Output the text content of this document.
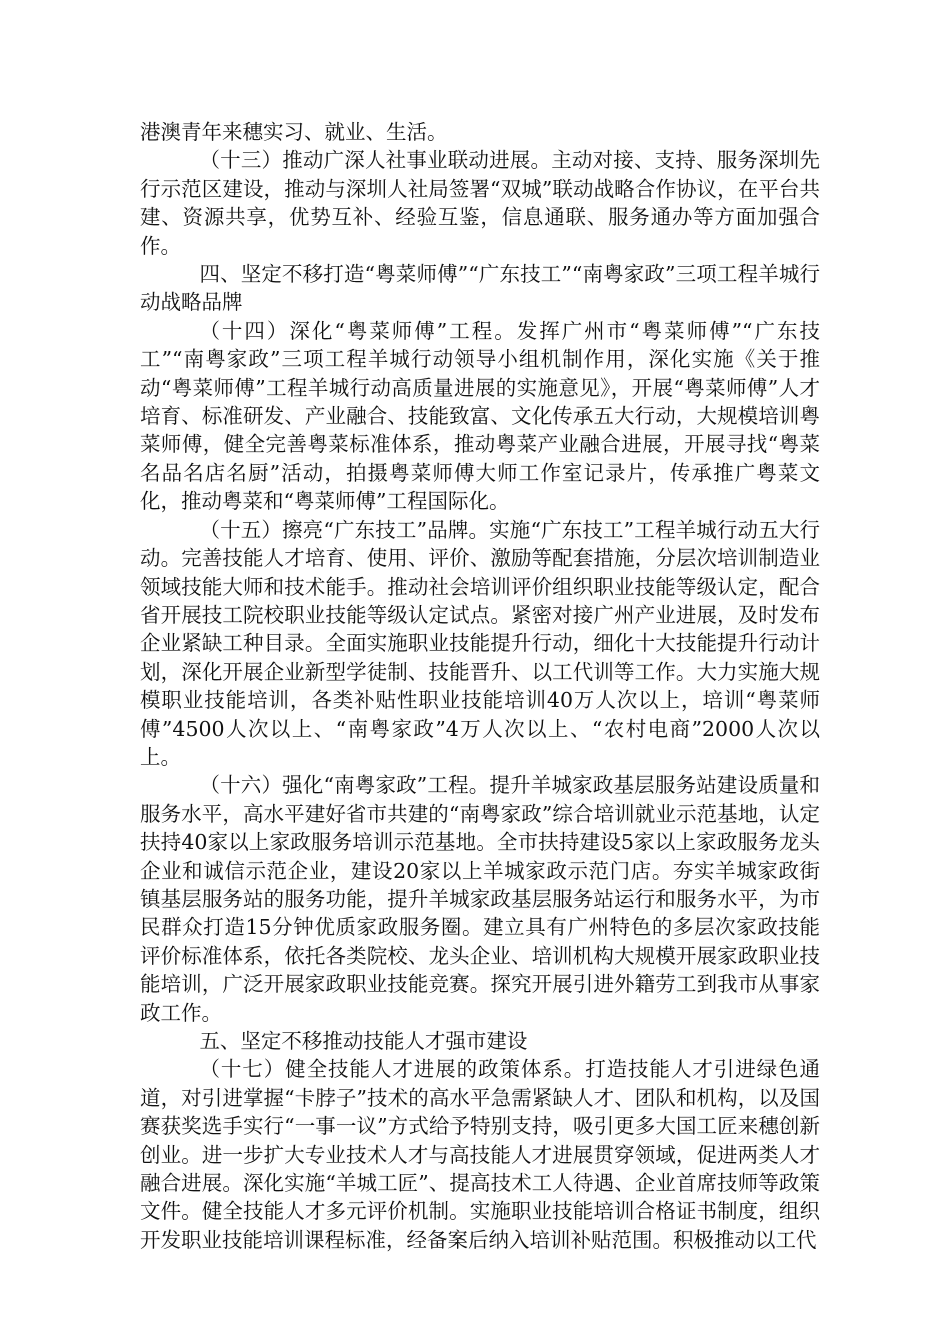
港澳青年来穗实习、就业、生活。

（十三）推动广深人社事业联动进展。主动对接、支持、服务深圳先行示范区建设，推动与深圳人社局签署“双城”联动战略合作协议，在平台共建、资源共享，优势互补、经验互鉴，信息通联、服务通办等方面加强合作。

四、坚定不移打造“粤菜师傅”“广东技工”“南粤家政”三项工程羊城行动战略品牌

（十四）深化“粤菜师傅”工程。发挥广州市“粤菜师傅”“广东技工”“南粤家政”三项工程羊城行动领导小组机制作用，深化实施《关于推动“粤菜师傅”工程羊城行动高质量进展的实施意见》，开展“粤菜师傅”人才培育、标准研发、产业融合、技能致富、文化传承五大行动，大规模培训粤菜师傅，健全完善粤菜标准体系，推动粤菜产业融合进展，开展寻找“粤菜名品名店名厨”活动，拍摄粤菜师傅大师工作室记录片，传承推广粤菜文化，推动粤菜和“粤菜师傅”工程国际化。

（十五）擦亮“广东技工”品牌。实施“广东技工”工程羊城行动五大行动。完善技能人才培育、使用、评价、激励等配套措施，分层次培训制造业领域技能大师和技术能手。推动社会培训评价组织职业技能等级认定，配合省开展技工院校职业技能等级认定试点。紧密对接广州产业进展，及时发布企业紧缺工种目录。全面实施职业技能提升行动，细化十大技能提升行动计划，深化开展企业新型学徒制、技能晋升、以工代训等工作。大力实施大规模职业技能培训，各类补贴性职业技能培训40万人次以上，培训“粤菜师傅”4500人次以上、“南粤家政”4万人次以上、“农村电商”2000人次以上。

（十六）强化“南粤家政”工程。提升羊城家政基层服务站建设质量和服务水平，高水平建好省市共建的“南粤家政”综合培训就业示范基地，认定扶持40家以上家政服务培训示范基地。全市扶持建设5家以上家政服务龙头企业和诚信示范企业，建设20家以上羊城家政示范门店。夯实羊城家政街镇基层服务站的服务功能，提升羊城家政基层服务站运行和服务水平，为市民群众打造15分钟优质家政服务圈。建立具有广州特色的多层次家政技能评价标准体系，依托各类院校、龙头企业、培训机构大规模开展家政职业技能培训，广泛开展家政职业技能竞赛。探究开展引进外籍劳工到我市从事家政工作。

五、坚定不移推动技能人才强市建设

（十七）健全技能人才进展的政策体系。打造技能人才引进绿色通道，对引进掌握“卡脖子”技术的高水平急需紧缺人才、团队和机构，以及国赛获奖选手实行“一事一议”方式给予特别支持，吸引更多大国工匠来穗创新创业。进一步扩大专业技术人才与高技能人才进展贯穿领域，促进两类人才融合进展。深化实施“羊城工匠”、提高技术工人待遇、企业首席技师等政策文件。健全技能人才多元评价机制。实施职业技能培训合格证书制度，组织开发职业技能培训课程标准，经备案后纳入培训补贴范围。积极推动以工代
